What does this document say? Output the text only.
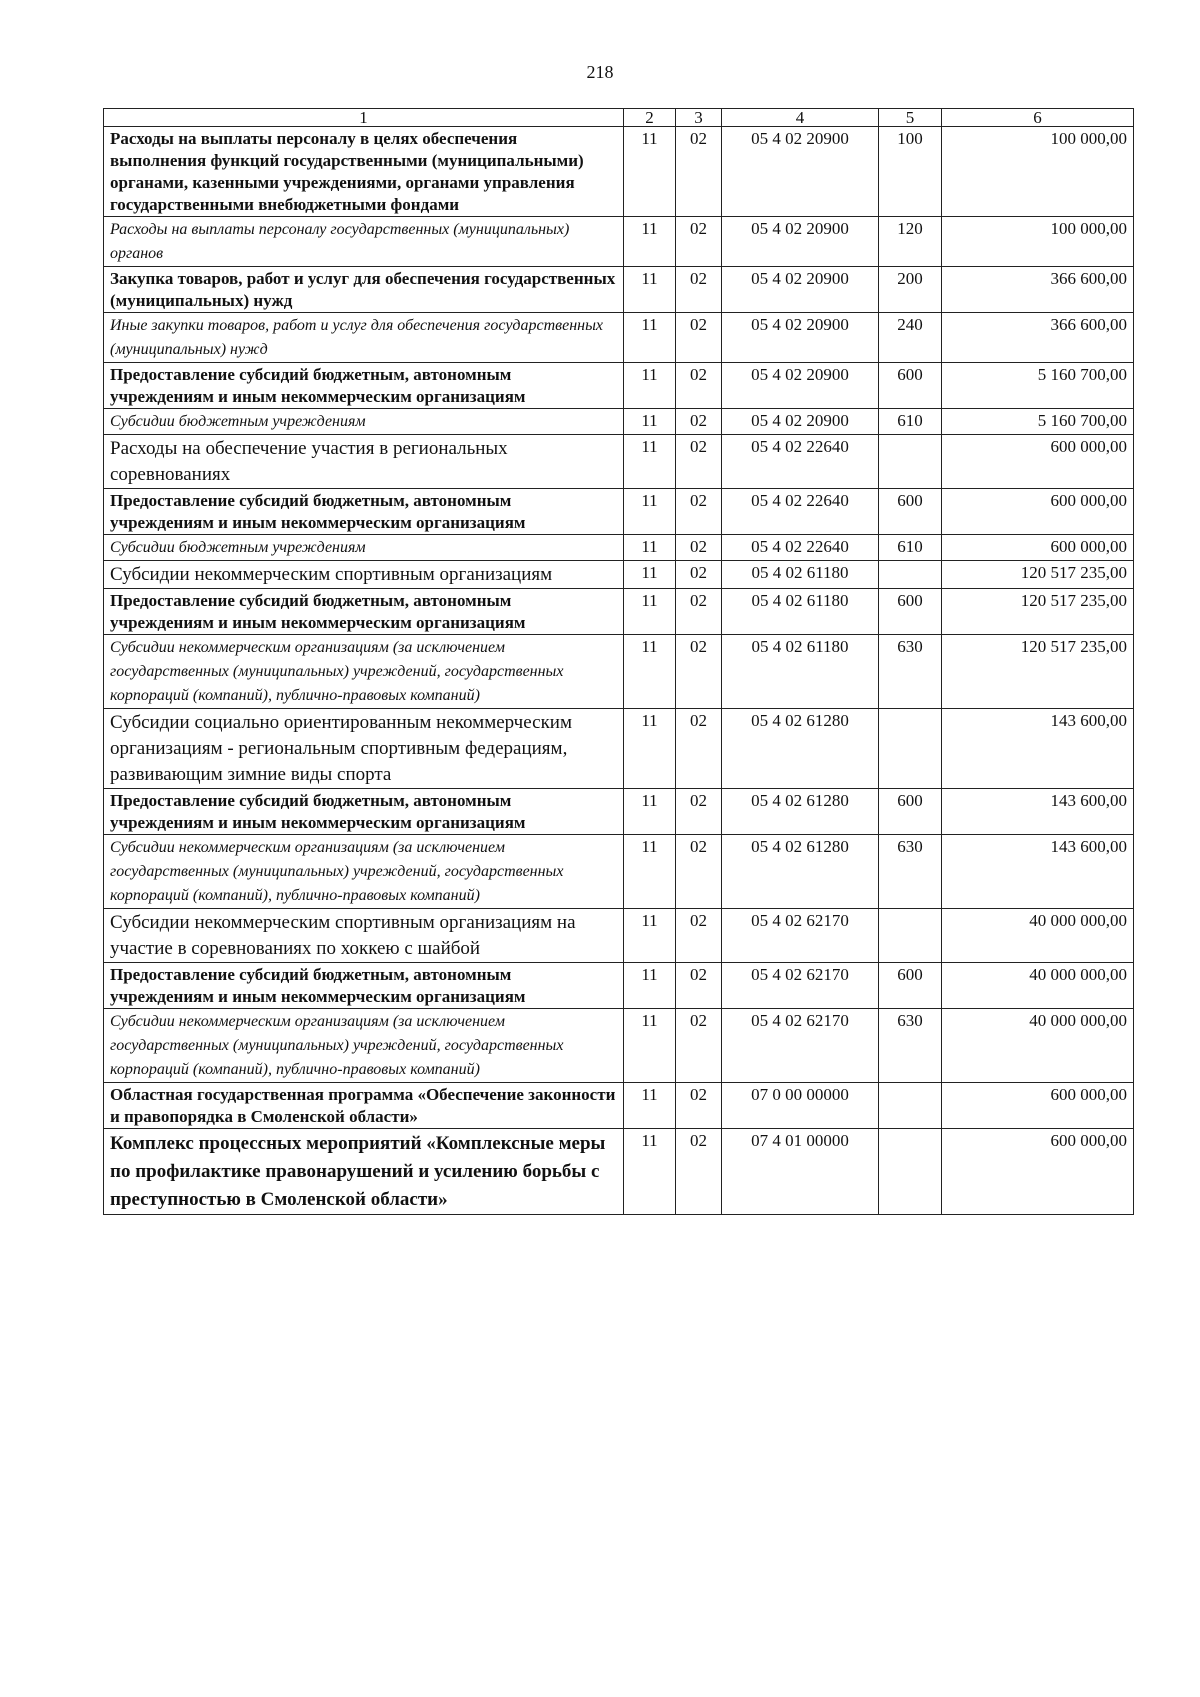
218
1	2	3	4	5	6
Расходы на выплаты персоналу в целях обеспечения выполнения функций государственными (муниципальными) органами, казенными учреждениями, органами управления государственными внебюджетными фондами	11	02	05 4 02 20900	100	100 000,00
Расходы на выплаты персоналу государственных (муниципальных) органов	11	02	05 4 02 20900	120	100 000,00
Закупка товаров, работ и услуг для обеспечения государственных (муниципальных) нужд	11	02	05 4 02 20900	200	366 600,00
Иные закупки товаров, работ и услуг для обеспечения государственных (муниципальных) нужд	11	02	05 4 02 20900	240	366 600,00
Предоставление субсидий бюджетным, автономным учреждениям и иным некоммерческим организациям	11	02	05 4 02 20900	600	5 160 700,00
Субсидии бюджетным учреждениям	11	02	05 4 02 20900	610	5 160 700,00
Расходы на обеспечение участия в региональных соревнованиях	11	02	05 4 02 22640		600 000,00
Предоставление субсидий бюджетным, автономным учреждениям и иным некоммерческим организациям	11	02	05 4 02 22640	600	600 000,00
Субсидии бюджетным учреждениям	11	02	05 4 02 22640	610	600 000,00
Субсидии некоммерческим спортивным организациям	11	02	05 4 02 61180		120 517 235,00
Предоставление субсидий бюджетным, автономным учреждениям и иным некоммерческим организациям	11	02	05 4 02 61180	600	120 517 235,00
Субсидии некоммерческим организациям (за исключением государственных (муниципальных) учреждений, государственных корпораций (компаний), публично-правовых компаний)	11	02	05 4 02 61180	630	120 517 235,00
Субсидии социально ориентированным некоммерческим организациям - региональным спортивным федерациям, развивающим зимние виды спорта	11	02	05 4 02 61280		143 600,00
Предоставление субсидий бюджетным, автономным учреждениям и иным некоммерческим организациям	11	02	05 4 02 61280	600	143 600,00
Субсидии некоммерческим организациям (за исключением государственных (муниципальных) учреждений, государственных корпораций (компаний), публично-правовых компаний)	11	02	05 4 02 61280	630	143 600,00
Субсидии некоммерческим спортивным организациям на участие в соревнованиях по хоккею с шайбой	11	02	05 4 02 62170		40 000 000,00
Предоставление субсидий бюджетным, автономным учреждениям и иным некоммерческим организациям	11	02	05 4 02 62170	600	40 000 000,00
Субсидии некоммерческим организациям (за исключением государственных (муниципальных) учреждений, государственных корпораций (компаний), публично-правовых компаний)	11	02	05 4 02 62170	630	40 000 000,00
Областная государственная программа «Обеспечение законности и правопорядка в Смоленской области»	11	02	07 0 00 00000		600 000,00
Комплекс процессных мероприятий «Комплексные меры по профилактике правонарушений и усилению борьбы с преступностью в Смоленской области»	11	02	07 4 01 00000		600 000,00
